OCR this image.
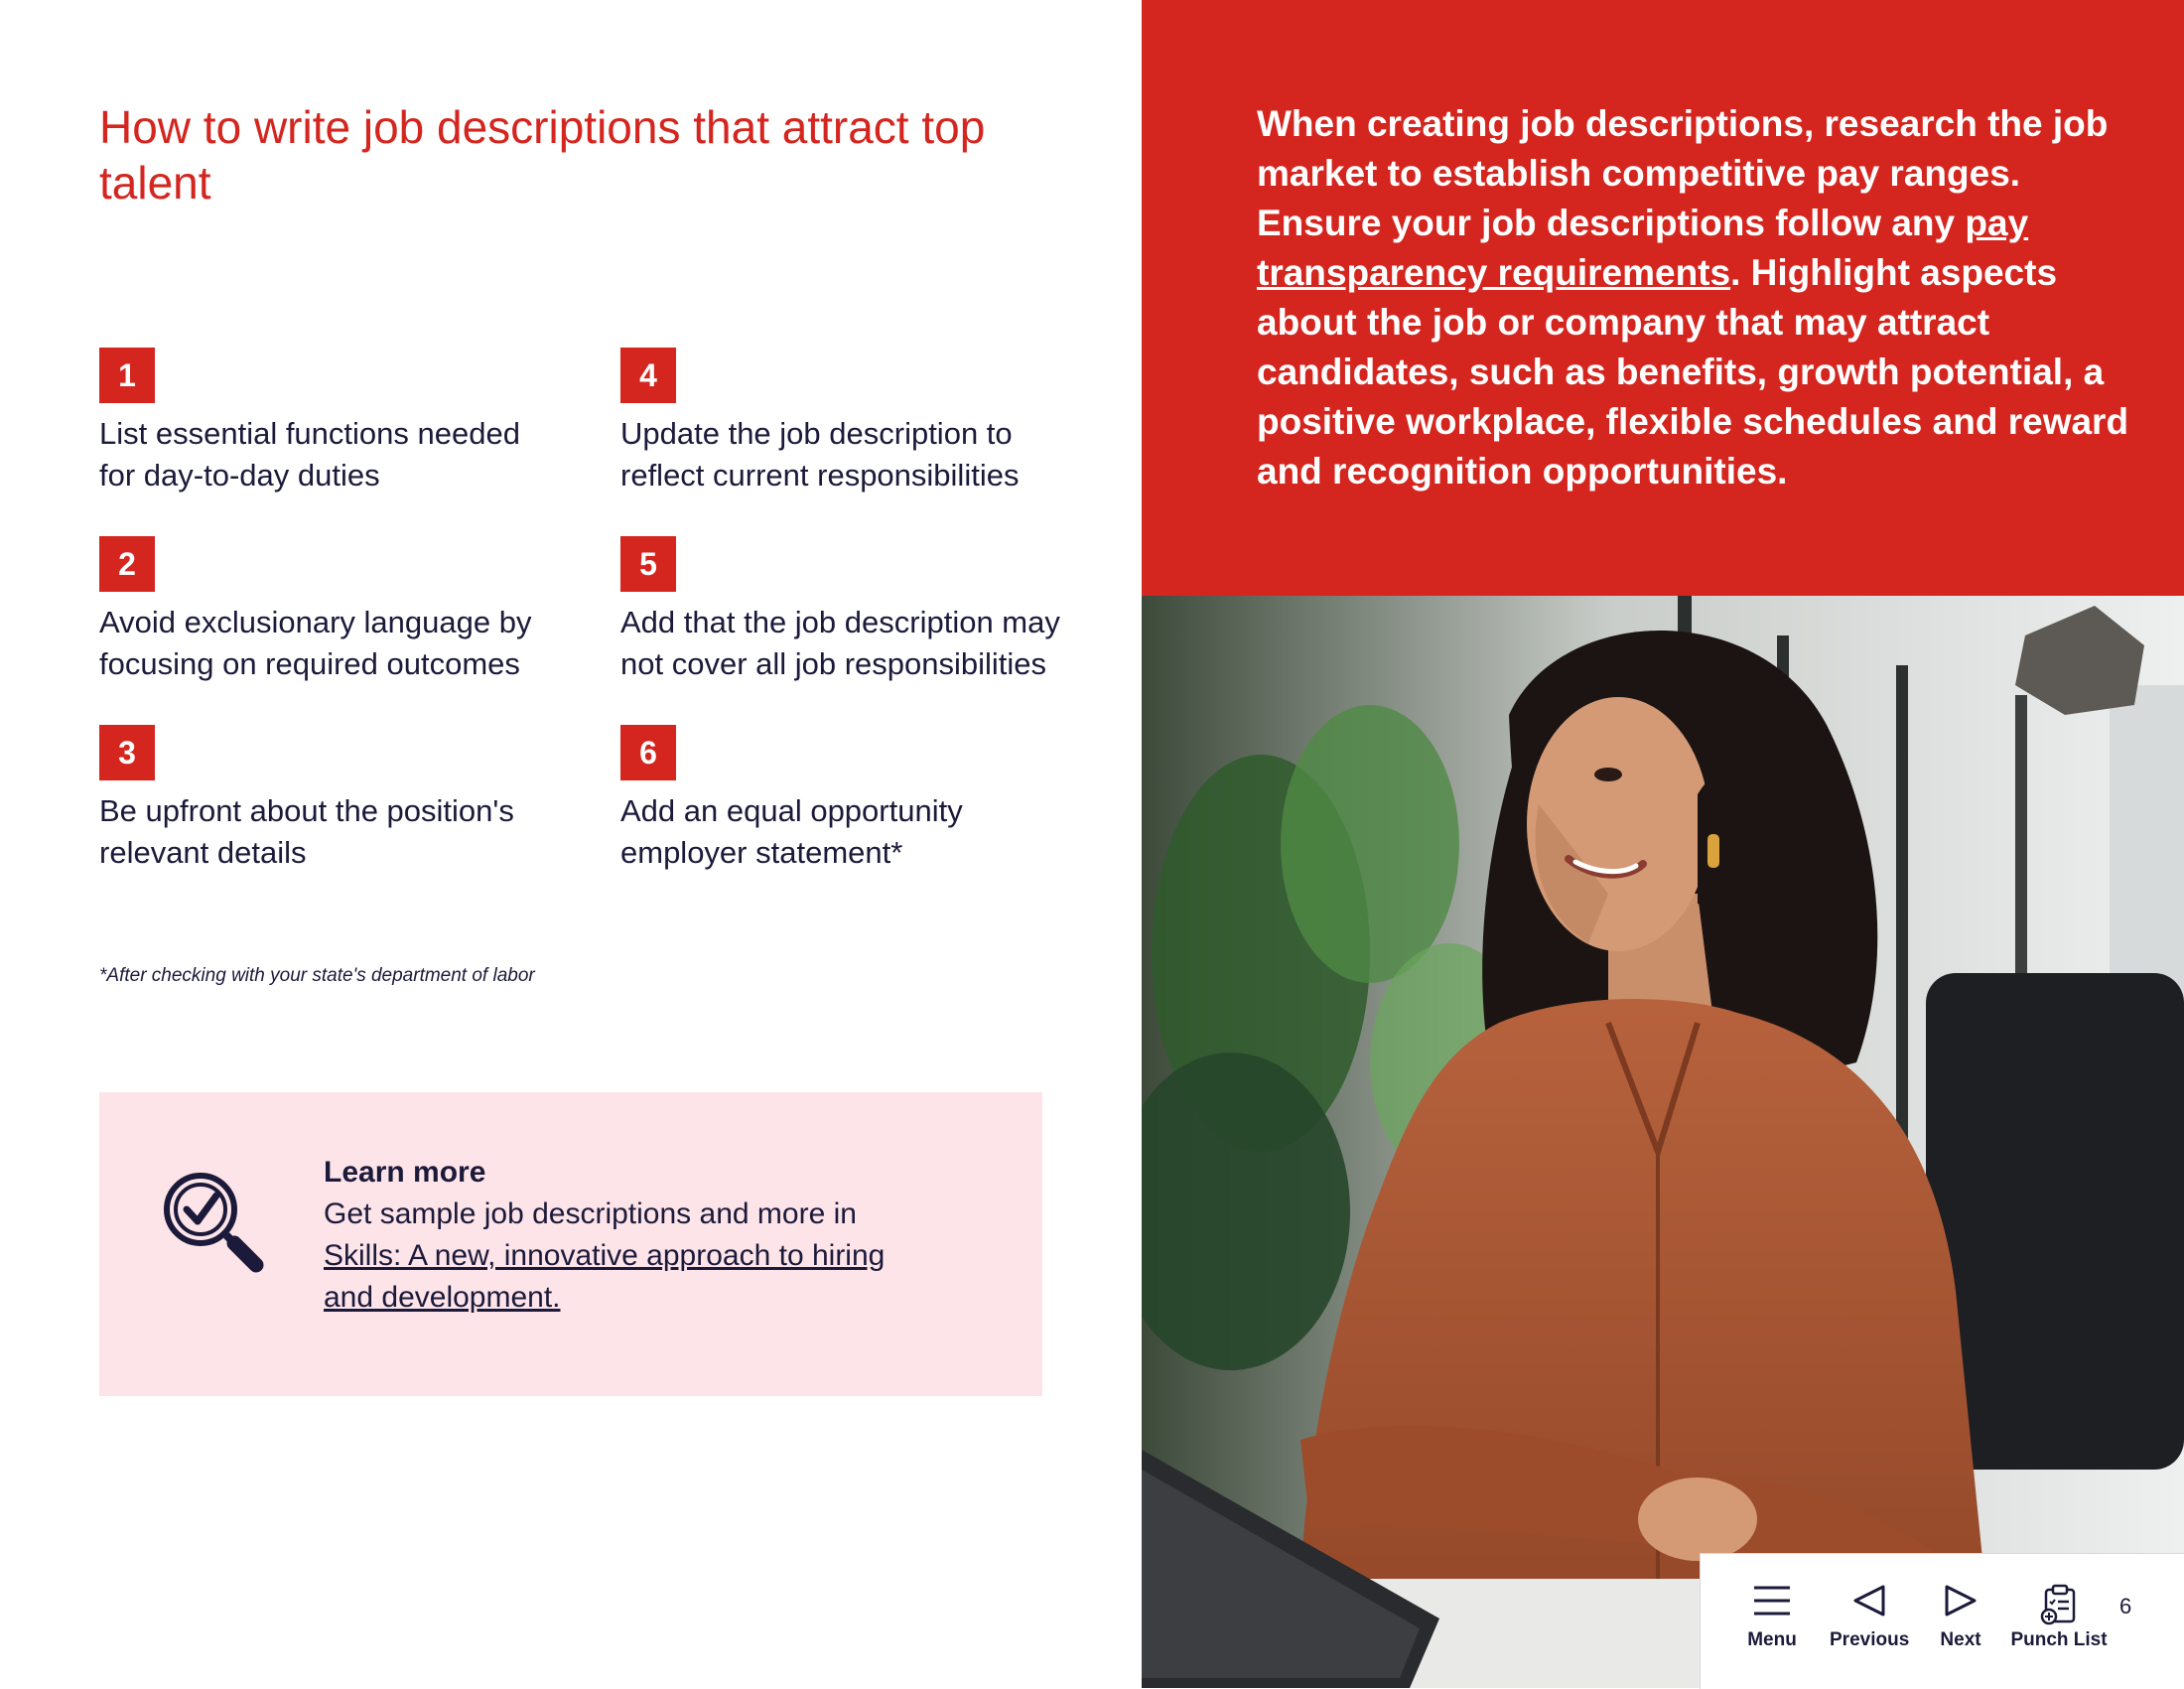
How to write job descriptions that attract top talent
1
List essential functions needed for day-to-day duties
2
Avoid exclusionary language by focusing on required outcomes
3
Be upfront about the position's relevant details
4
Update the job description to reflect current responsibilities
5
Add that the job description may not cover all job responsibilities
6
Add an equal opportunity employer statement*
*After checking with your state's department of labor
Learn more
Get sample job descriptions and more in
Skills: A new, innovative approach to hiring and development.

When creating job descriptions, research the job market to establish competitive pay ranges. Ensure your job descriptions follow any pay transparency requirements. Highlight aspects about the job or company that may attract candidates, such as benefits, growth potential, a positive workplace, flexible schedules and reward and recognition opportunities.

Menu Previous	Next	Punch List
6
